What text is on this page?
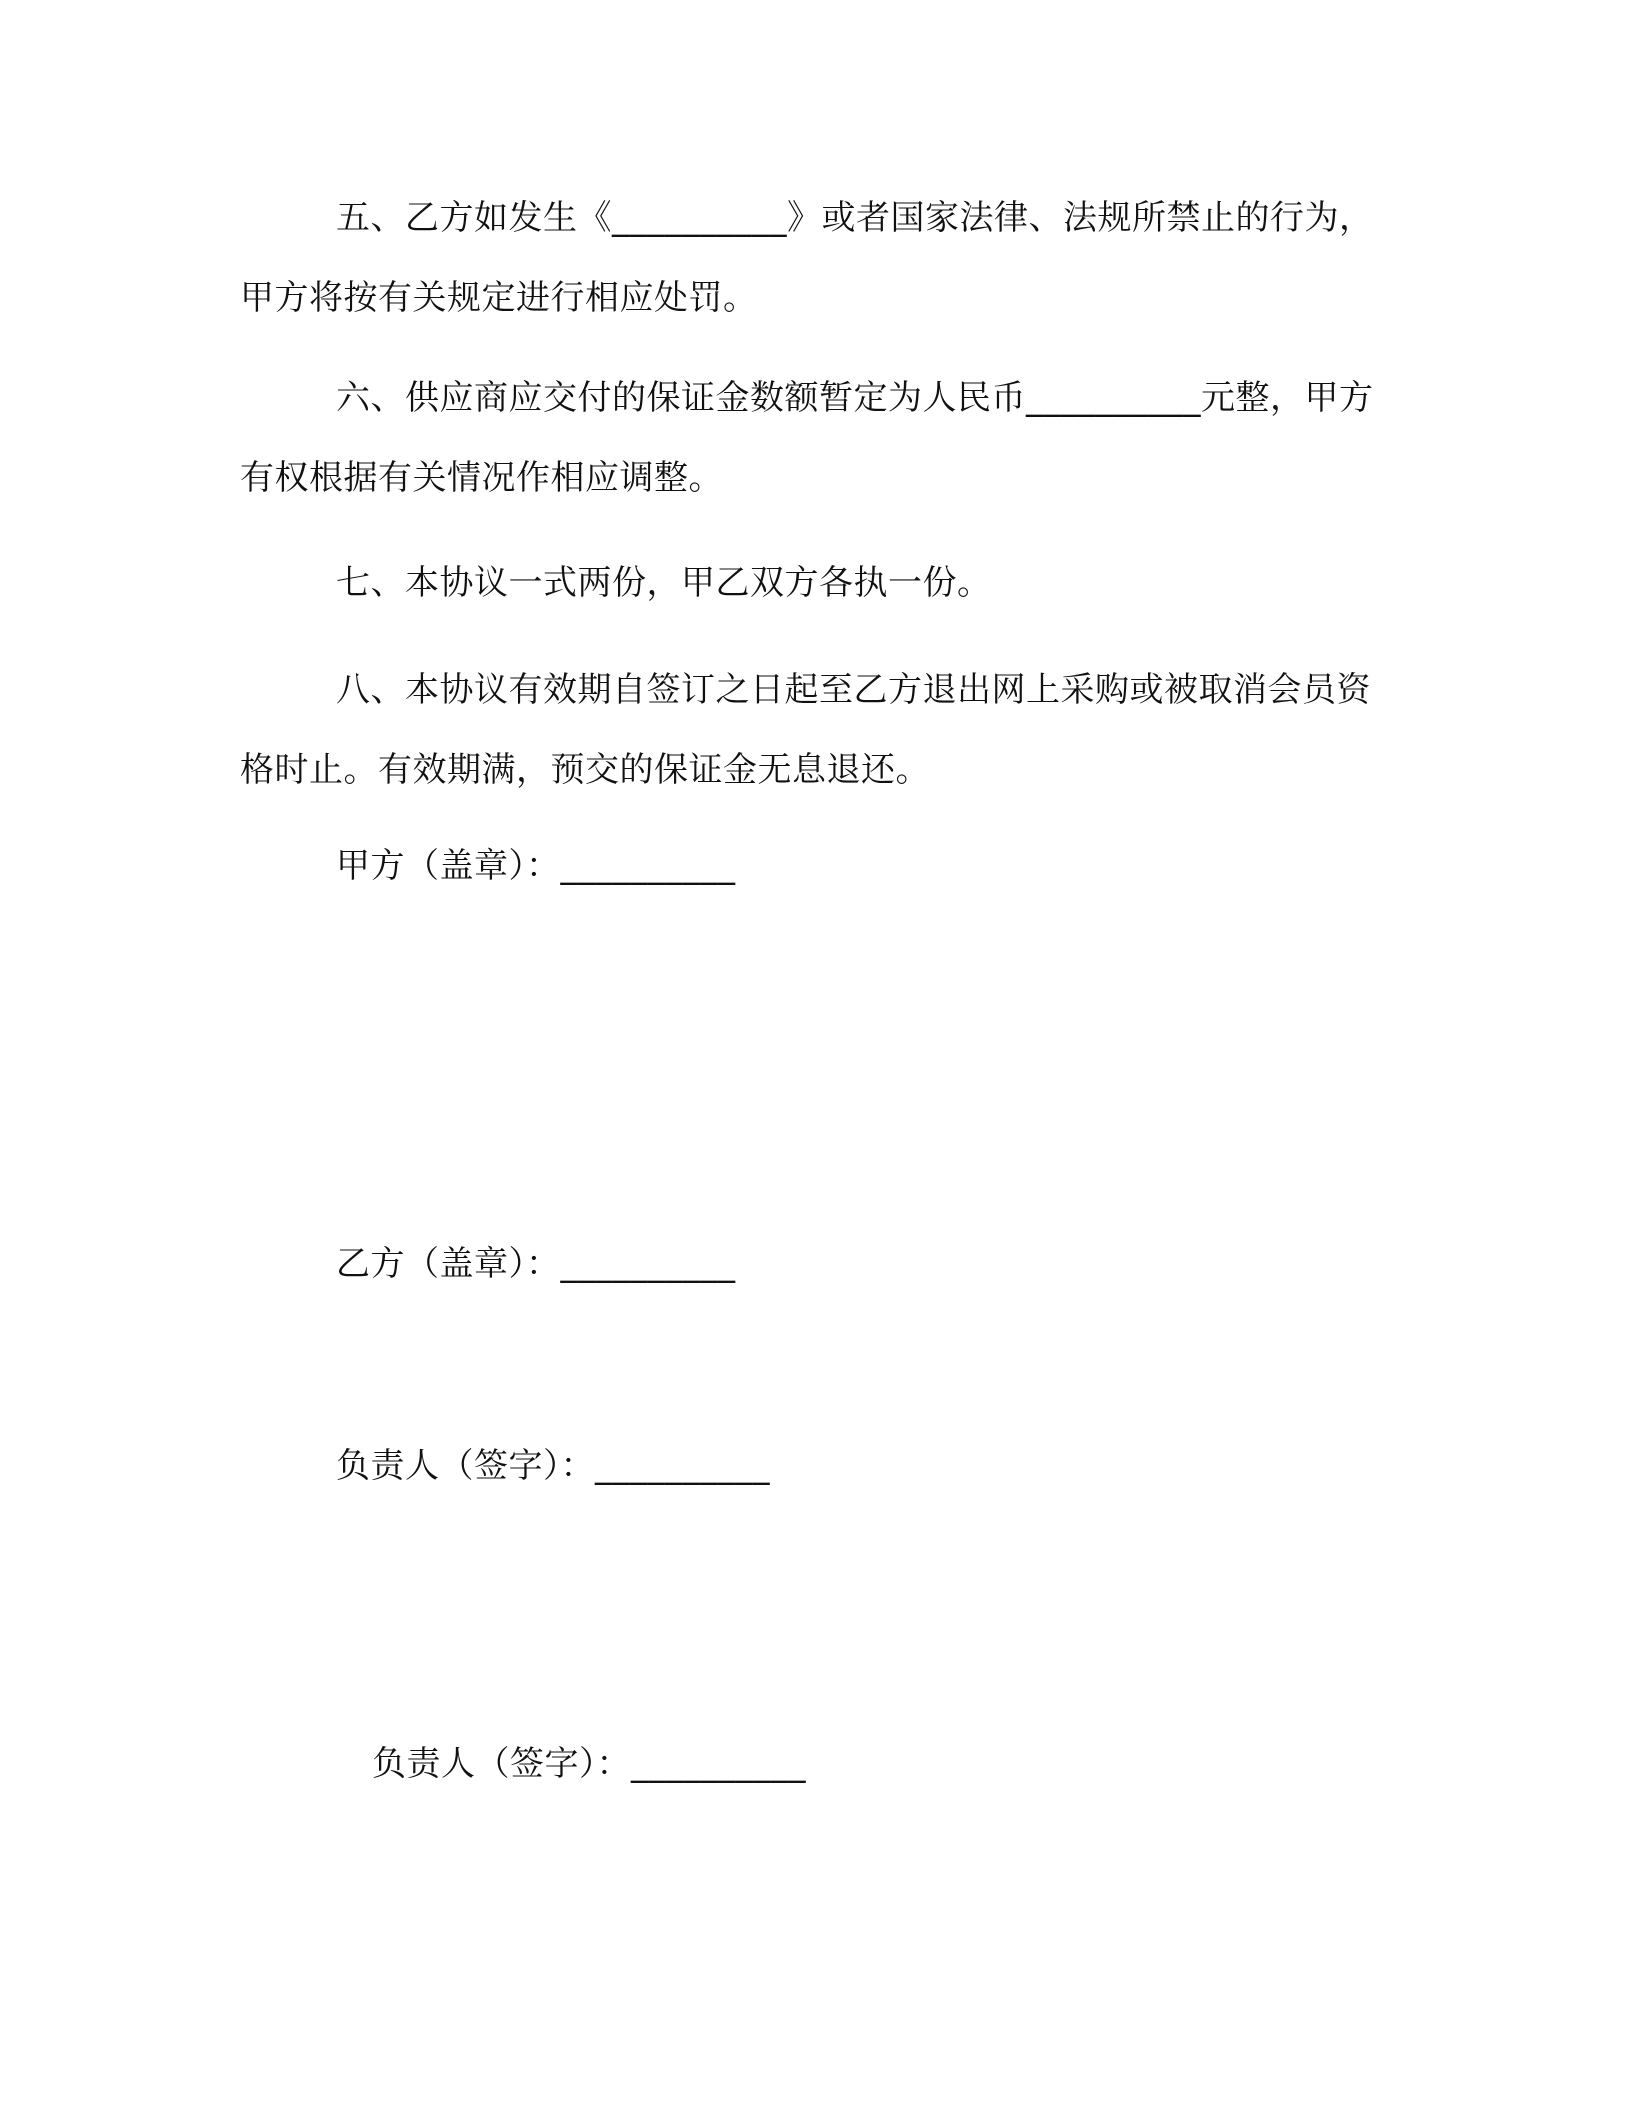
五、乙方如发生《__________》或者国家法律、法规所禁止的行为，甲方将按有关规定进行相应处罚。

六、供应商应交付的保证金数额暂定为人民币__________元整，甲方有权根据有关情况作相应调整。

七、本协议一式两份，甲乙双方各执一份。

八、本协议有效期自签订之日起至乙方退出网上采购或被取消会员资格时止。有效期满，预交的保证金无息退还。

甲方（盖章）：__________

乙方（盖章）：__________

负责人（签字）：__________

负责人（签字）：__________
